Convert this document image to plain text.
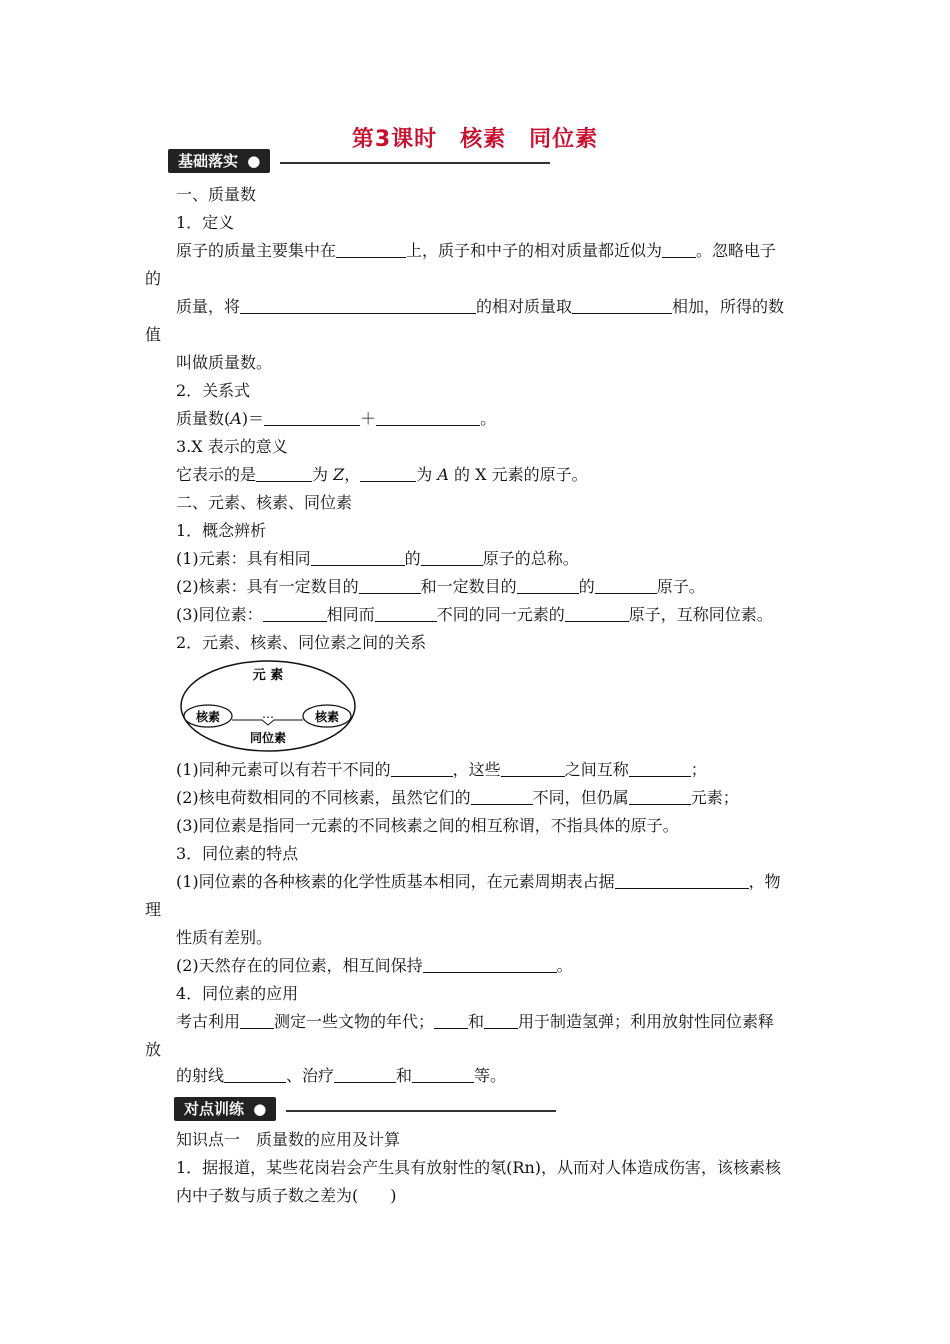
第3课时　核素　同位素
基础落实 ●
一、质量数
1．定义
原子的质量主要集中在	上，质子和中子的相对质量都近似为 。忽略电子
的
质量，将	的相对质量取	相加，所得的数
值
叫做质量数。
2．关系式
质量数(A)＝	＋	。
3.X 表示的意义
它表示的是	为 Z，	为 A 的 X 元素的原子。
二、元素、核素、同位素
1．概念辨析
(1)元素：具有相同	的	原子的总称。
(2)核素：具有一定数目的	和一定数目的	的	原子。
(3)同位素：	相同而	不同的同一元素的	原子，互称同位素。
2．元素、核素、同位素之间的关系
元 素
核素	核素
…
同位素
(1)同种元素可以有若干不同的	，这些	之间互称	；
(2)核电荷数相同的不同核素，虽然它们的	不同，但仍属	元素；
(3)同位素是指同一元素的不同核素之间的相互称谓，不指具体的原子。
3．同位素的特点
(1)同位素的各种核素的化学性质基本相同，在元素周期表占据	，物
理
性质有差别。
(2)天然存在的同位素，相互间保持	。
4．同位素的应用
考古利用 测定一些文物的年代； 和 用于制造氢弹；利用放射性同位素释
放
的射线	、治疗	和	等。
对点训练 ●
知识点一　质量数的应用及计算
1．据报道，某些花岗岩会产生具有放射性的氡(Rn)，从而对人体造成伤害，该核素核
内中子数与质子数之差为(　　)
